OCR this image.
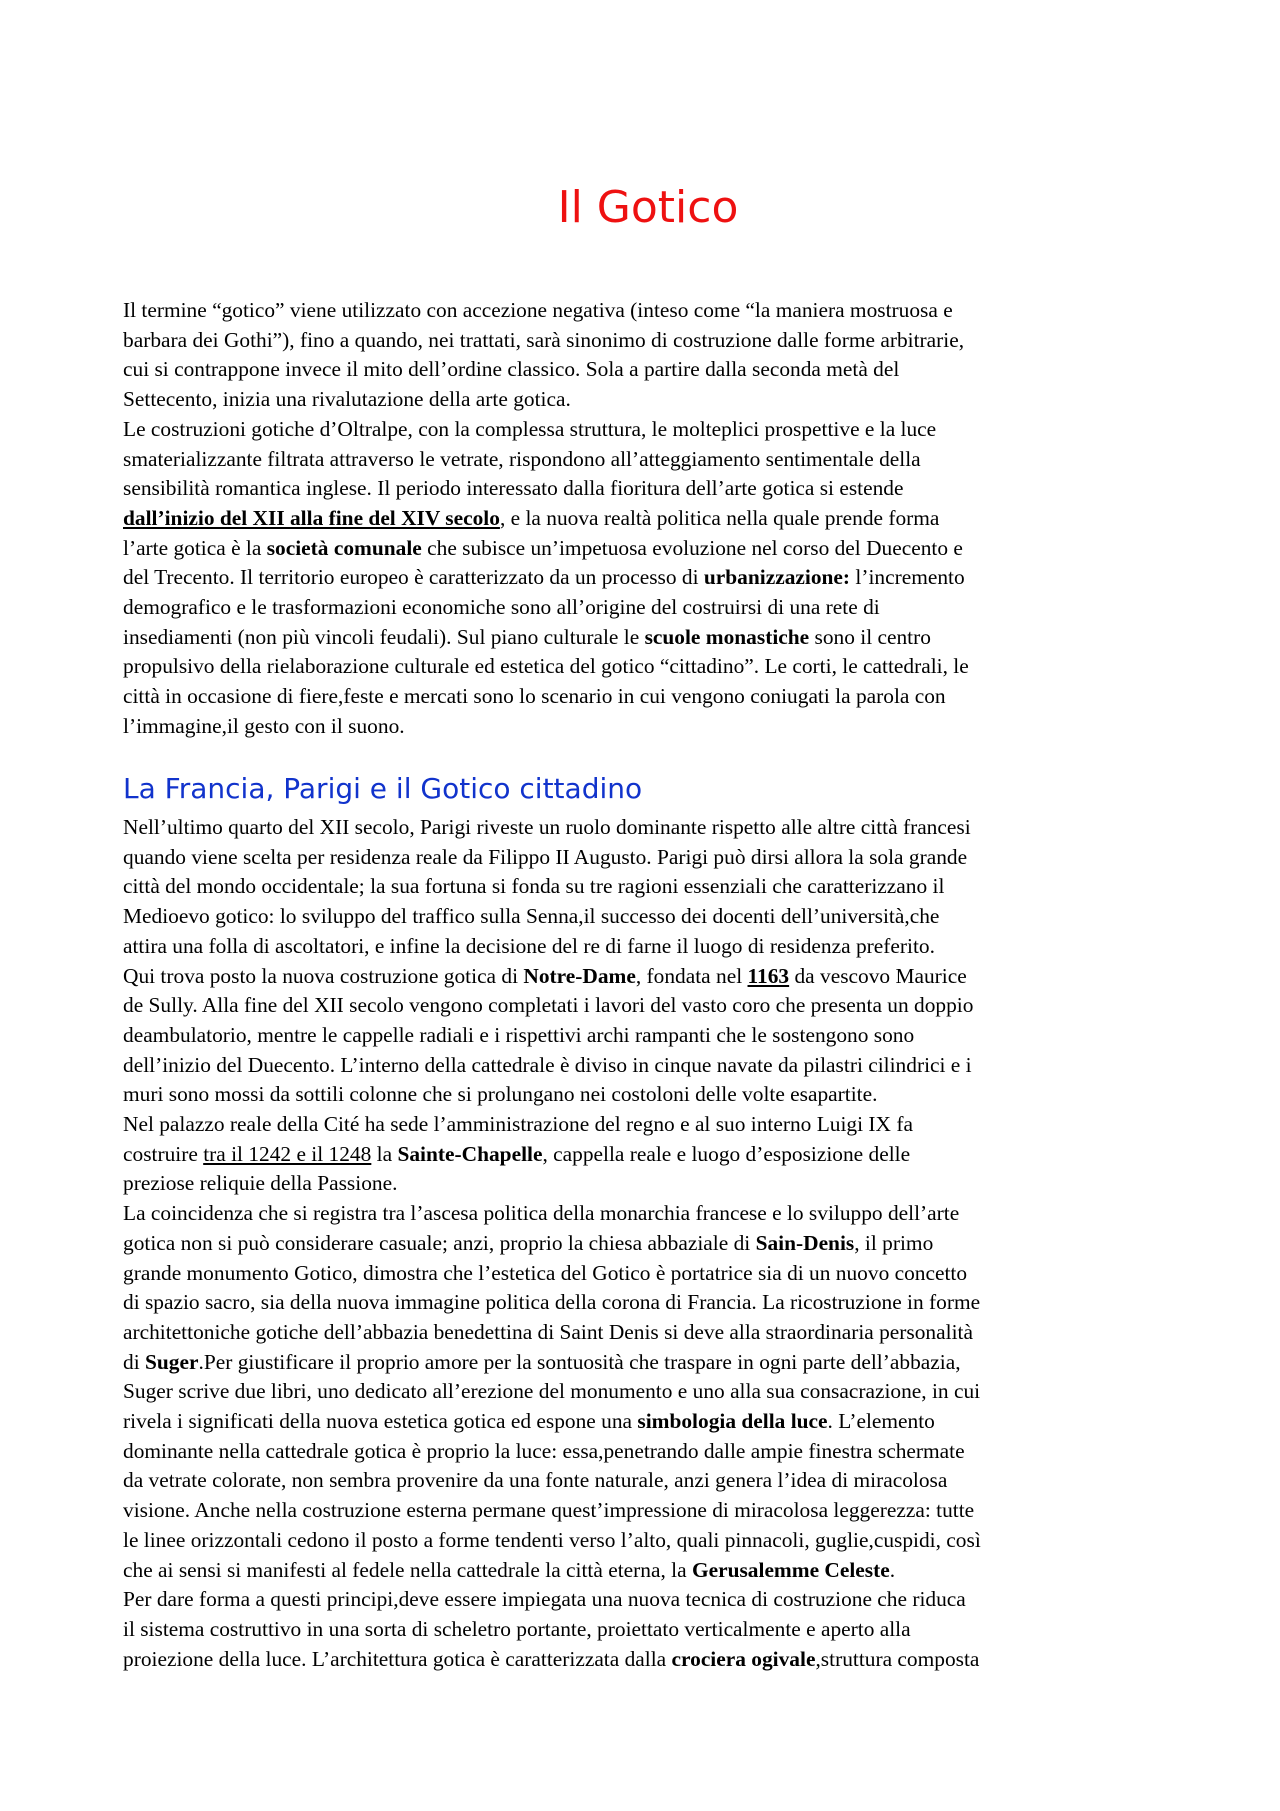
Il Gotico

Il termine “gotico” viene utilizzato con accezione negativa (inteso come “la maniera mostruosa e
barbara dei Gothi”), fino a quando, nei trattati, sarà sinonimo di costruzione dalle forme arbitrarie,
cui si contrappone invece il mito dell’ordine classico. Sola a partire dalla seconda metà del
Settecento, inizia una rivalutazione della arte gotica.

Le costruzioni gotiche d’Oltralpe, con la complessa struttura, le molteplici prospettive e la luce
smaterializzante filtrata attraverso le vetrate, rispondono all’atteggiamento sentimentale della
sensibilità romantica inglese. Il periodo interessato dalla fioritura dell’arte gotica si estende
dall’inizio del XII alla fine del XIV secolo, e la nuova realtà politica nella quale prende forma
l’arte gotica è la società comunale che subisce un’impetuosa evoluzione nel corso del Duecento e
del Trecento. Il territorio europeo è caratterizzato da un processo di urbanizzazione: l’incremento
demografico e le trasformazioni economiche sono all’origine del costruirsi di una rete di
insediamenti (non più vincoli feudali). Sul piano culturale le scuole monastiche sono il centro
propulsivo della rielaborazione culturale ed estetica del gotico “cittadino”. Le corti, le cattedrali, le
città in occasione di fiere,feste e mercati sono lo scenario in cui vengono coniugati la parola con
l’immagine,il gesto con il suono.

La Francia, Parigi e il Gotico cittadino

Nell’ultimo quarto del XII secolo, Parigi riveste un ruolo dominante rispetto alle altre città francesi
quando viene scelta per residenza reale da Filippo II Augusto. Parigi può dirsi allora la sola grande
città del mondo occidentale; la sua fortuna si fonda su tre ragioni essenziali che caratterizzano il
Medioevo gotico: lo sviluppo del traffico sulla Senna,il successo dei docenti dell’università,che
attira una folla di ascoltatori, e infine la decisione del re di farne il luogo di residenza preferito.

Qui trova posto la nuova costruzione gotica di Notre-Dame, fondata nel 1163 da vescovo Maurice
de Sully. Alla fine del XII secolo vengono completati i lavori del vasto coro che presenta un doppio
deambulatorio, mentre le cappelle radiali e i rispettivi archi rampanti che le sostengono sono
dell’inizio del Duecento. L’interno della cattedrale è diviso in cinque navate da pilastri cilindrici e i
muri sono mossi da sottili colonne che si prolungano nei costoloni delle volte esapartite.

Nel palazzo reale della Cité ha sede l’amministrazione del regno e al suo interno Luigi IX fa
costruire tra il 1242 e il 1248 la Sainte-Chapelle, cappella reale e luogo d’esposizione delle
preziose reliquie della Passione.

La coincidenza che si registra tra l’ascesa politica della monarchia francese e lo sviluppo dell’arte
gotica non si può considerare casuale; anzi, proprio la chiesa abbaziale di Sain-Denis, il primo
grande monumento Gotico, dimostra che l’estetica del Gotico è portatrice sia di un nuovo concetto
di spazio sacro, sia della nuova immagine politica della corona di Francia. La ricostruzione in forme
architettoniche gotiche dell’abbazia benedettina di Saint Denis si deve alla straordinaria personalità
di Suger.Per giustificare il proprio amore per la sontuosità che traspare in ogni parte dell’abbazia,
Suger scrive due libri, uno dedicato all’erezione del monumento e uno alla sua consacrazione, in cui
rivela i significati della nuova estetica gotica ed espone una simbologia della luce. L’elemento
dominante nella cattedrale gotica è proprio la luce: essa,penetrando dalle ampie finestra schermate
da vetrate colorate, non sembra provenire da una fonte naturale, anzi genera l’idea di miracolosa
visione. Anche nella costruzione esterna permane quest’impressione di miracolosa leggerezza: tutte
le linee orizzontali cedono il posto a forme tendenti verso l’alto, quali pinnacoli, guglie,cuspidi, così
che ai sensi si manifesti al fedele nella cattedrale la città eterna, la Gerusalemme Celeste.

Per dare forma a questi principi,deve essere impiegata una nuova tecnica di costruzione che riduca
il sistema costruttivo in una sorta di scheletro portante, proiettato verticalmente e aperto alla
proiezione della luce. L’architettura gotica è caratterizzata dalla crociera ogivale,struttura composta
